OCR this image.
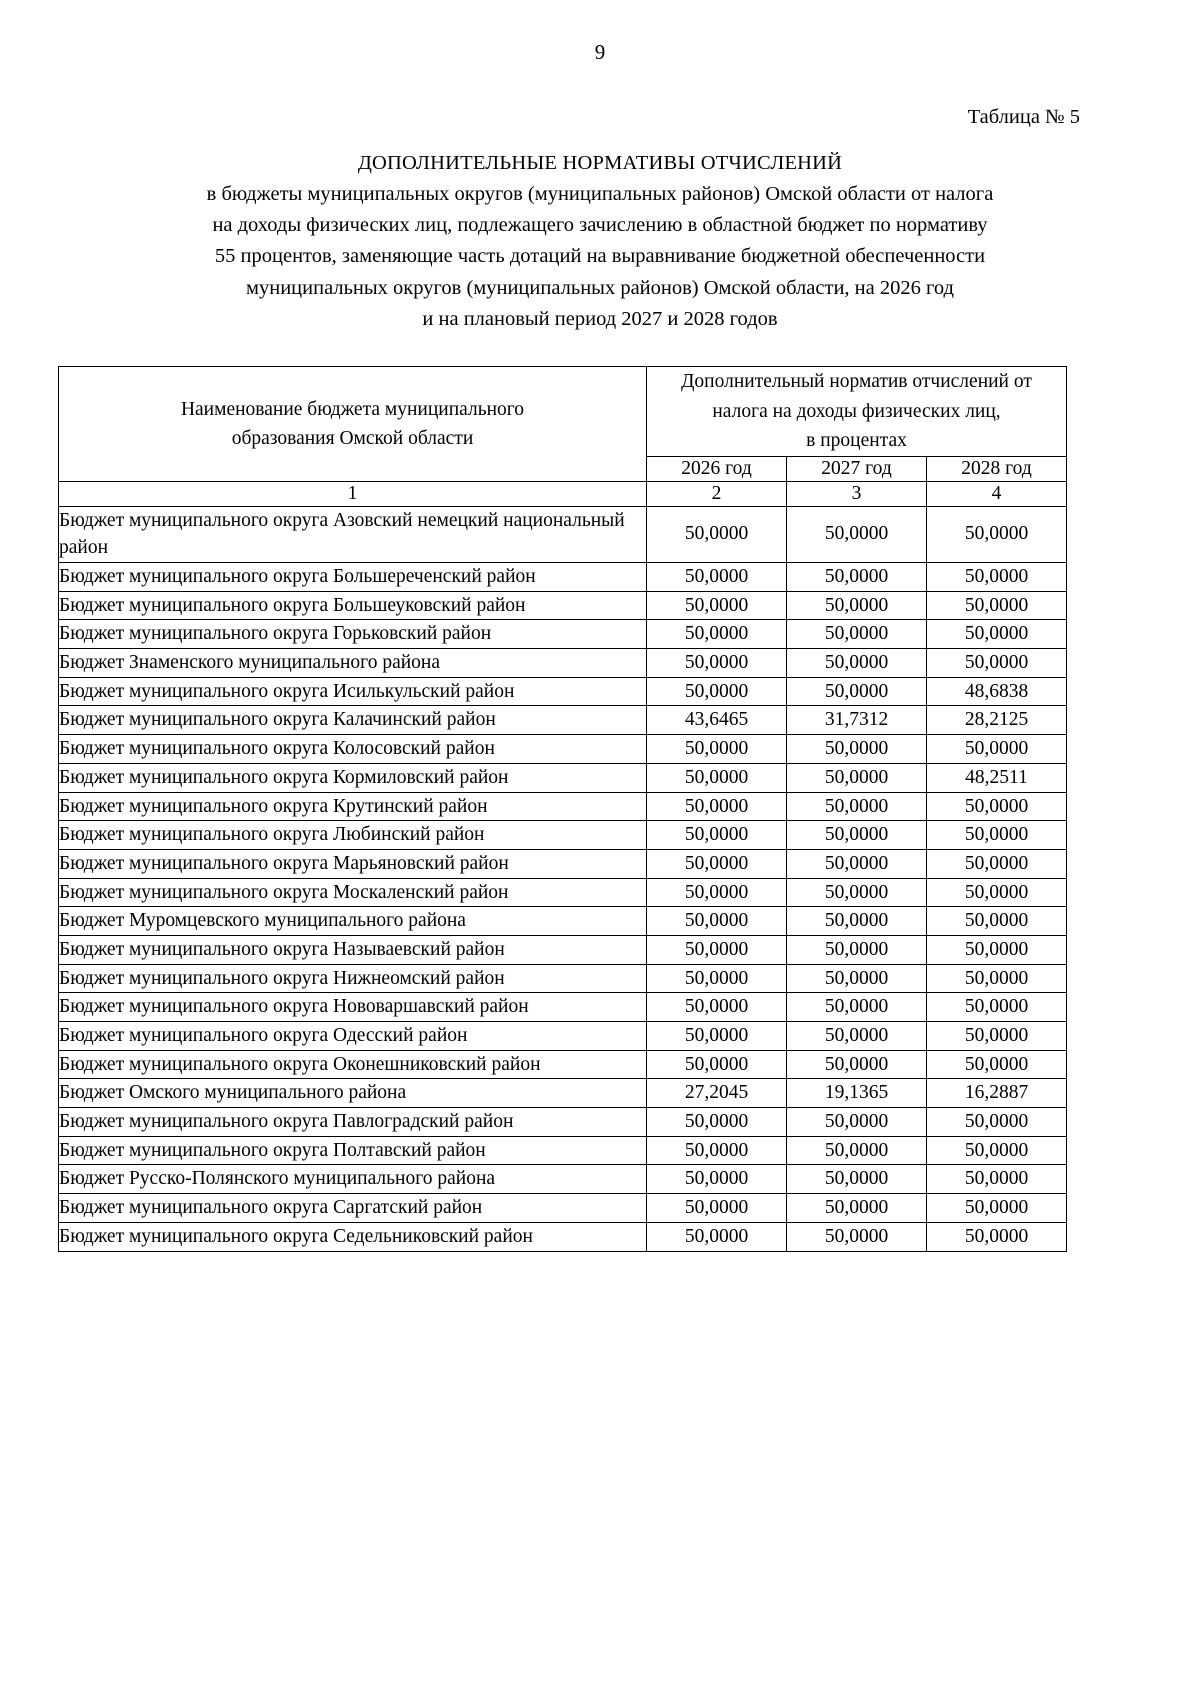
9
Таблица № 5
ДОПОЛНИТЕЛЬНЫЕ НОРМАТИВЫ ОТЧИСЛЕНИЙ
в бюджеты муниципальных округов (муниципальных районов) Омской области от налога
на доходы физических лиц, подлежащего зачислению в областной бюджет по нормативу
55 процентов, заменяющие часть дотаций на выравнивание бюджетной обеспеченности
муниципальных округов (муниципальных районов) Омской области, на 2026 год
и на плановый период 2027 и 2028 годов
Наименование бюджета муниципального
образования Омской области

Дополнительный норматив отчислений от
налога на доходы физических лиц,
в процентах

	2026 год	2027 год	2028 год
1	2	3	4
Бюджет муниципального округа Азовский немецкий национальный район	50,0000	50,0000	50,0000
Бюджет муниципального округа Большереченский район	50,0000	50,0000	50,0000
Бюджет муниципального округа Большеуковский район	50,0000	50,0000	50,0000
Бюджет муниципального округа Горьковский район	50,0000	50,0000	50,0000
Бюджет Знаменского муниципального района	50,0000	50,0000	50,0000
Бюджет муниципального округа Исилькульский район	50,0000	50,0000	48,6838
Бюджет муниципального округа Калачинский район	43,6465	31,7312	28,2125
Бюджет муниципального округа Колосовский район	50,0000	50,0000	50,0000
Бюджет муниципального округа Кормиловский район	50,0000	50,0000	48,2511
Бюджет муниципального округа Крутинский район	50,0000	50,0000	50,0000
Бюджет муниципального округа Любинский район	50,0000	50,0000	50,0000
Бюджет муниципального округа Марьяновский район	50,0000	50,0000	50,0000
Бюджет муниципального округа Москаленский район	50,0000	50,0000	50,0000
Бюджет Муромцевского муниципального района	50,0000	50,0000	50,0000
Бюджет муниципального округа Называевский район	50,0000	50,0000	50,0000
Бюджет муниципального округа Нижнеомский район	50,0000	50,0000	50,0000
Бюджет муниципального округа Нововаршавский район	50,0000	50,0000	50,0000
Бюджет муниципального округа Одесский район	50,0000	50,0000	50,0000
Бюджет муниципального округа Оконешниковский район	50,0000	50,0000	50,0000
Бюджет Омского муниципального района	27,2045	19,1365	16,2887
Бюджет муниципального округа Павлоградский район	50,0000	50,0000	50,0000
Бюджет муниципального округа Полтавский район	50,0000	50,0000	50,0000
Бюджет Русско-Полянского муниципального района	50,0000	50,0000	50,0000
Бюджет муниципального округа Саргатский район	50,0000	50,0000	50,0000
Бюджет муниципального округа Седельниковский район	50,0000	50,0000	50,0000
